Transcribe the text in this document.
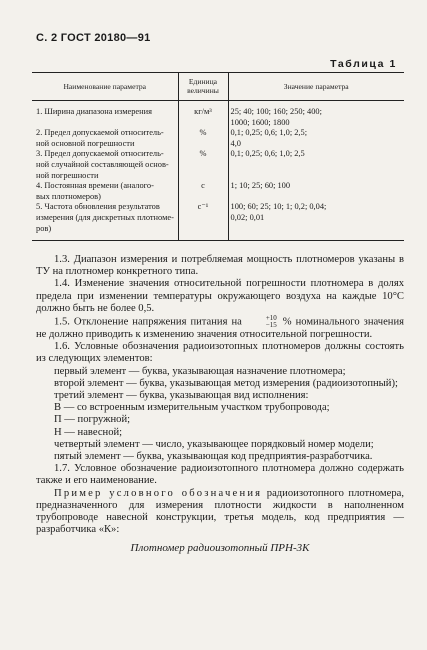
С. 2 ГОСТ 20180—91
Таблица 1
Наименование параметра	Единица величины	Значение параметра

1. Ширина диапазона измерения	кг/м³	25; 40; 100; 160; 250; 400;
1000; 1600; 1800

2. Предел допускаемой относитель-
ной основной погрешности	%	0,1; 0,25; 0,6; 1,0; 2,5;
4,0

3. Предел допускаемой относитель-
ной случайной составляющей основ-
ной погрешности	%	0,1; 0,25; 0,6; 1,0; 2,5

4. Постоянная времени (аналого-
вых плотномеров)	с	1; 10; 25; 60; 100

5. Частота обновления результатов
измерения (для дискретных плотноме-
ров)	с⁻¹	100; 60; 25; 10; 1; 0,2; 0,04;
0,02; 0,01

1.3. Диапазон измерения и потребляемая мощность плотномеров указаны в ТУ на плотномер конкретного типа.

1.4. Изменение значения относительной погрешности плотномера в долях предела при изменении температуры окружающего воздуха на каждые 10°С должно быть не более 0,5.

1.5. Отклонение напряжения питания на	+10
−15 % номинального значения не должно приводить к изменению значения относительной погрешности.

1.6. Условные обозначения радиоизотопных плотномеров должны состоять из следующих элементов:

первый элемент — буква, указывающая назначение плотномера;

второй элемент — буква, указывающая метод измерения (радиоизотопный);

третий элемент — буква, указывающая вид исполнения:

В — со встроенным измерительным участком трубопровода;

П — погружной;

Н — навесной;

четвертый элемент — число, указывающее порядковый номер модели;

пятый элемент — буква, указывающая код предприятия-разработчика.

1.7. Условное обозначение радиоизотопного плотномера должно содержать также и его наименование.

Пример условного обозначения радиоизотопного плотномера, предназначенного для измерения плотности жидкости в наполненном трубопроводе навесной конструкции, третья модель, код предприятия — разработчика «К»:

Плотномер радиоизотопный ПРН-3К
